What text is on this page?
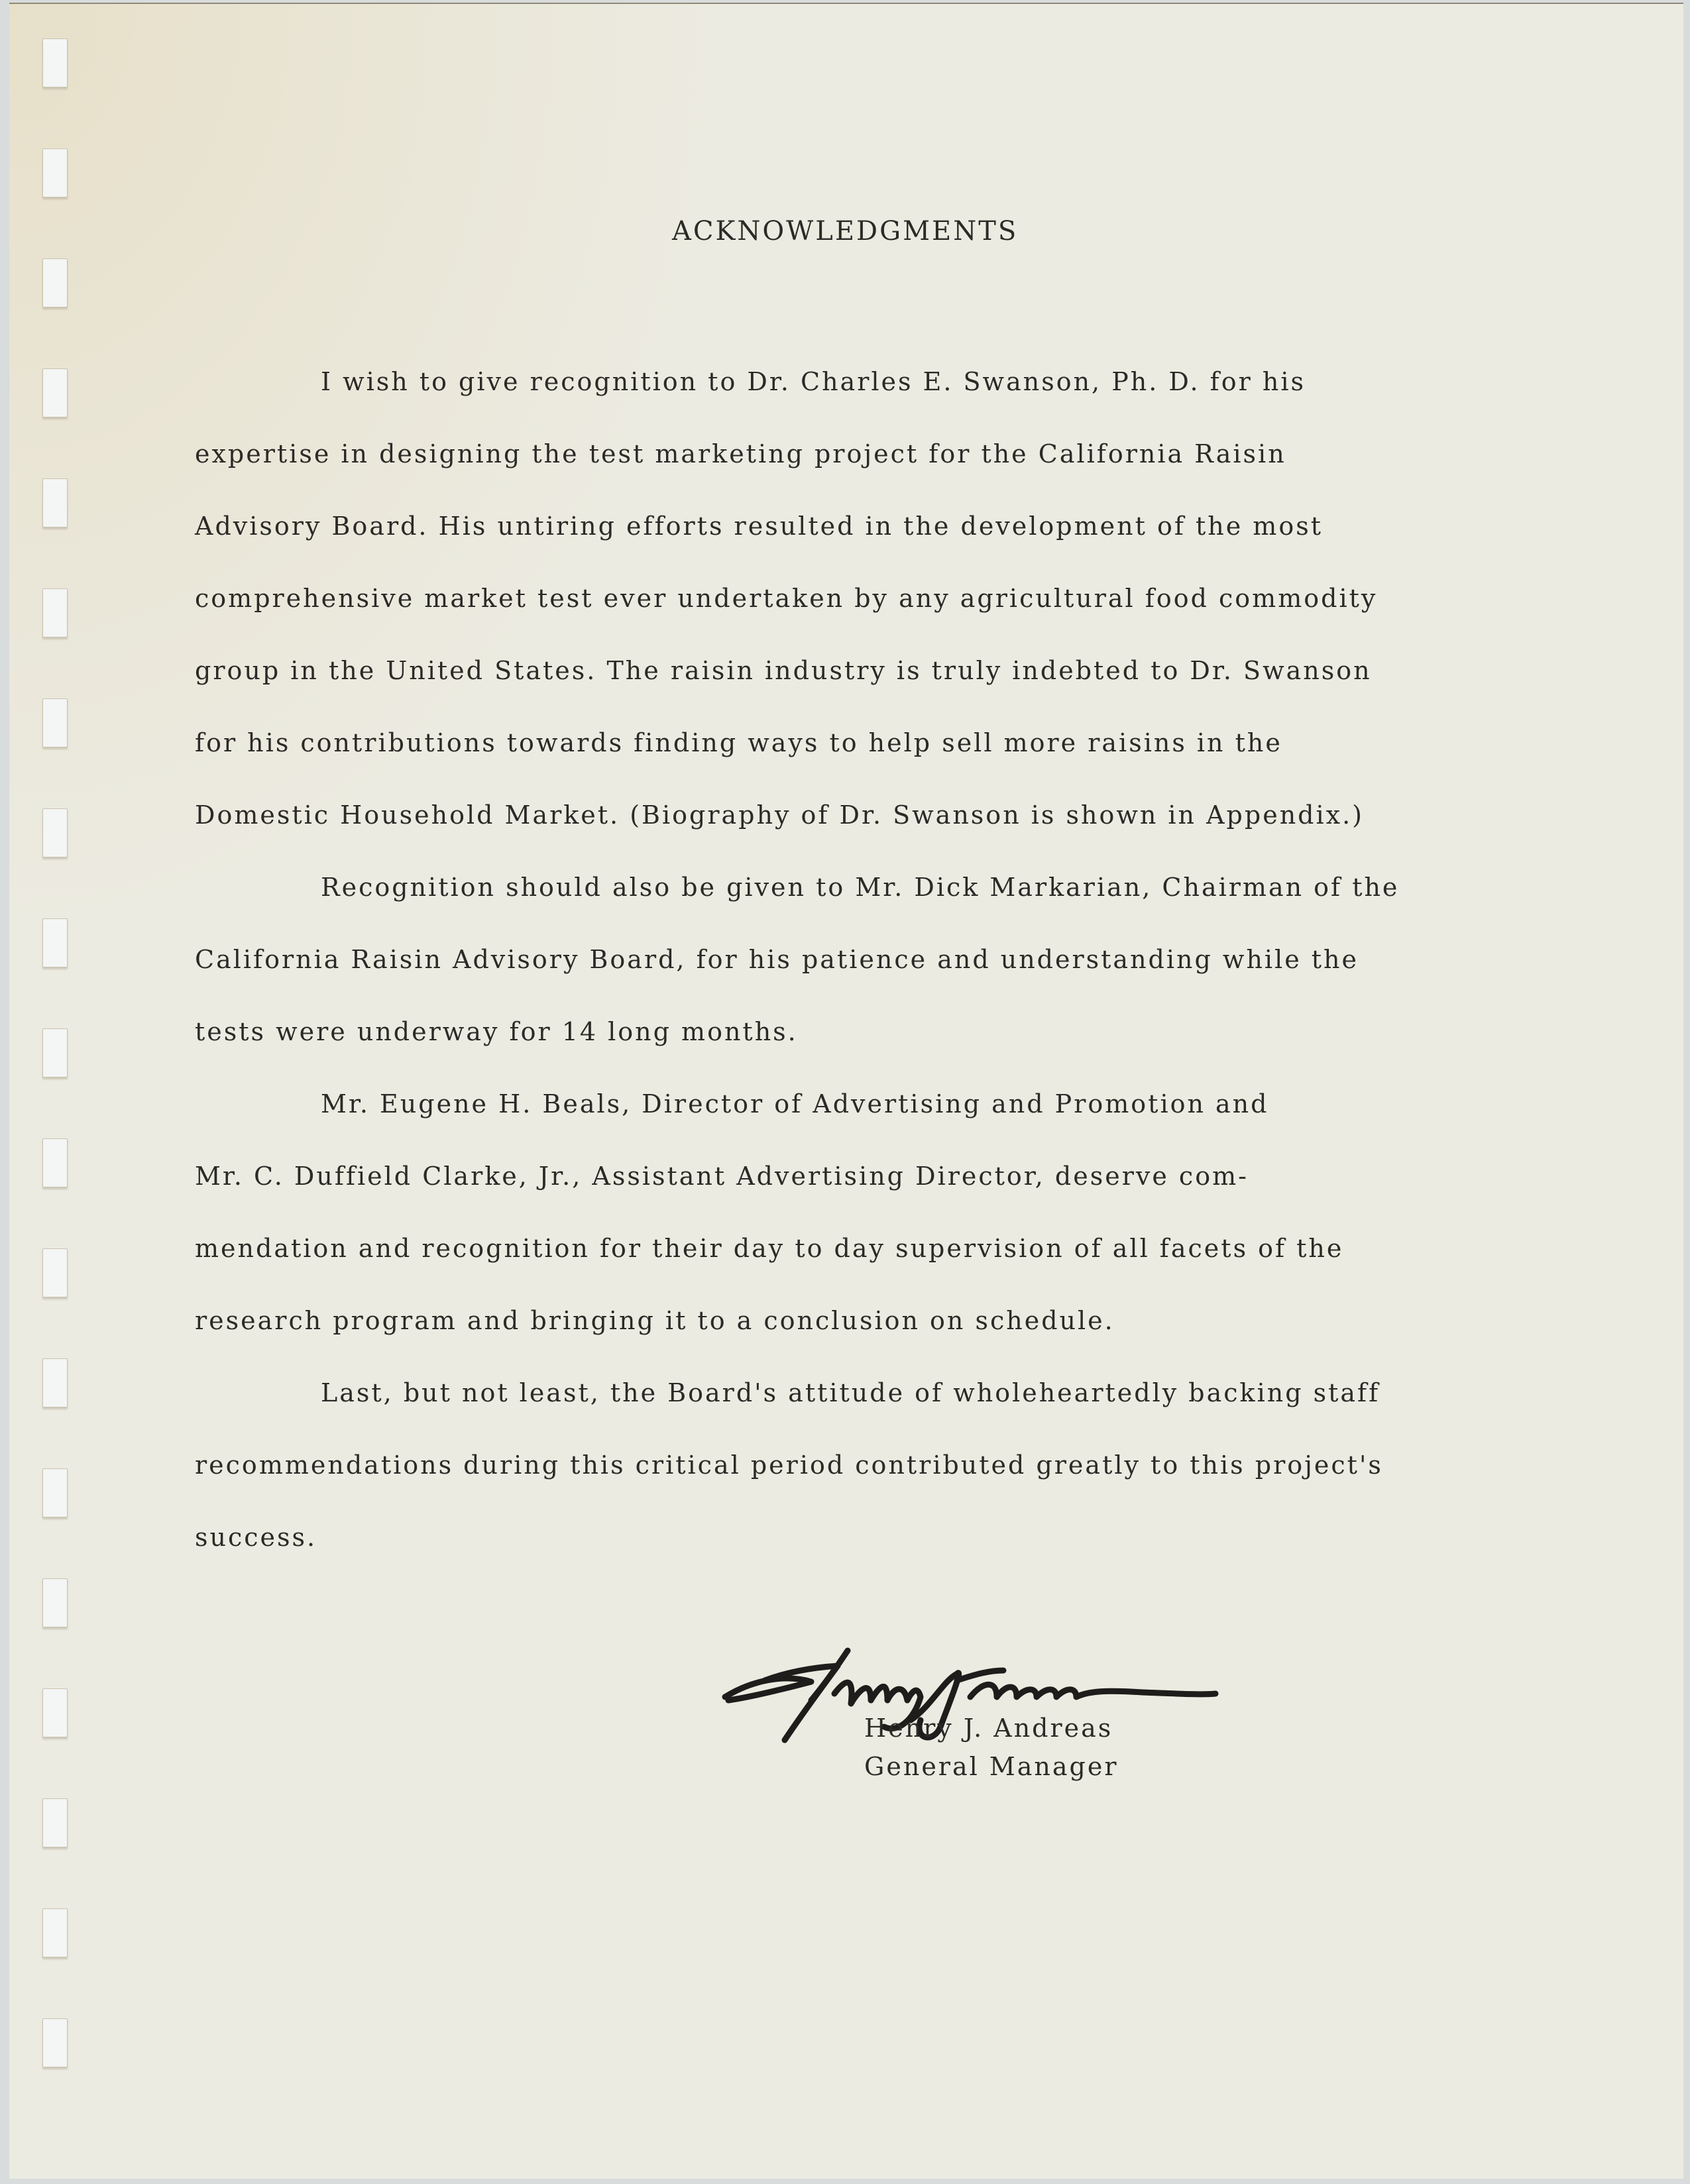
ACKNOWLEDGMENTS
I wish to give recognition to Dr. Charles E. Swanson, Ph. D. for his
expertise in designing the test marketing project for the California Raisin
Advisory Board. His untiring efforts resulted in the development of the most
comprehensive market test ever undertaken by any agricultural food commodity
group in the United States. The raisin industry is truly indebted to Dr. Swanson
for his contributions towards finding ways to help sell more raisins in the
Domestic Household Market. (Biography of Dr. Swanson is shown in Appendix.)
Recognition should also be given to Mr. Dick Markarian, Chairman of the
California Raisin Advisory Board, for his patience and understanding while the
tests were underway for 14 long months.
Mr. Eugene H. Beals, Director of Advertising and Promotion and
Mr. C. Duffield Clarke, Jr., Assistant Advertising Director, deserve com-
mendation and recognition for their day to day supervision of all facets of the
research program and bringing it to a conclusion on schedule.
Last, but not least, the Board's attitude of wholeheartedly backing staff
recommendations during this critical period contributed greatly to this project's
success.
Henry J. Andreas
General Manager
